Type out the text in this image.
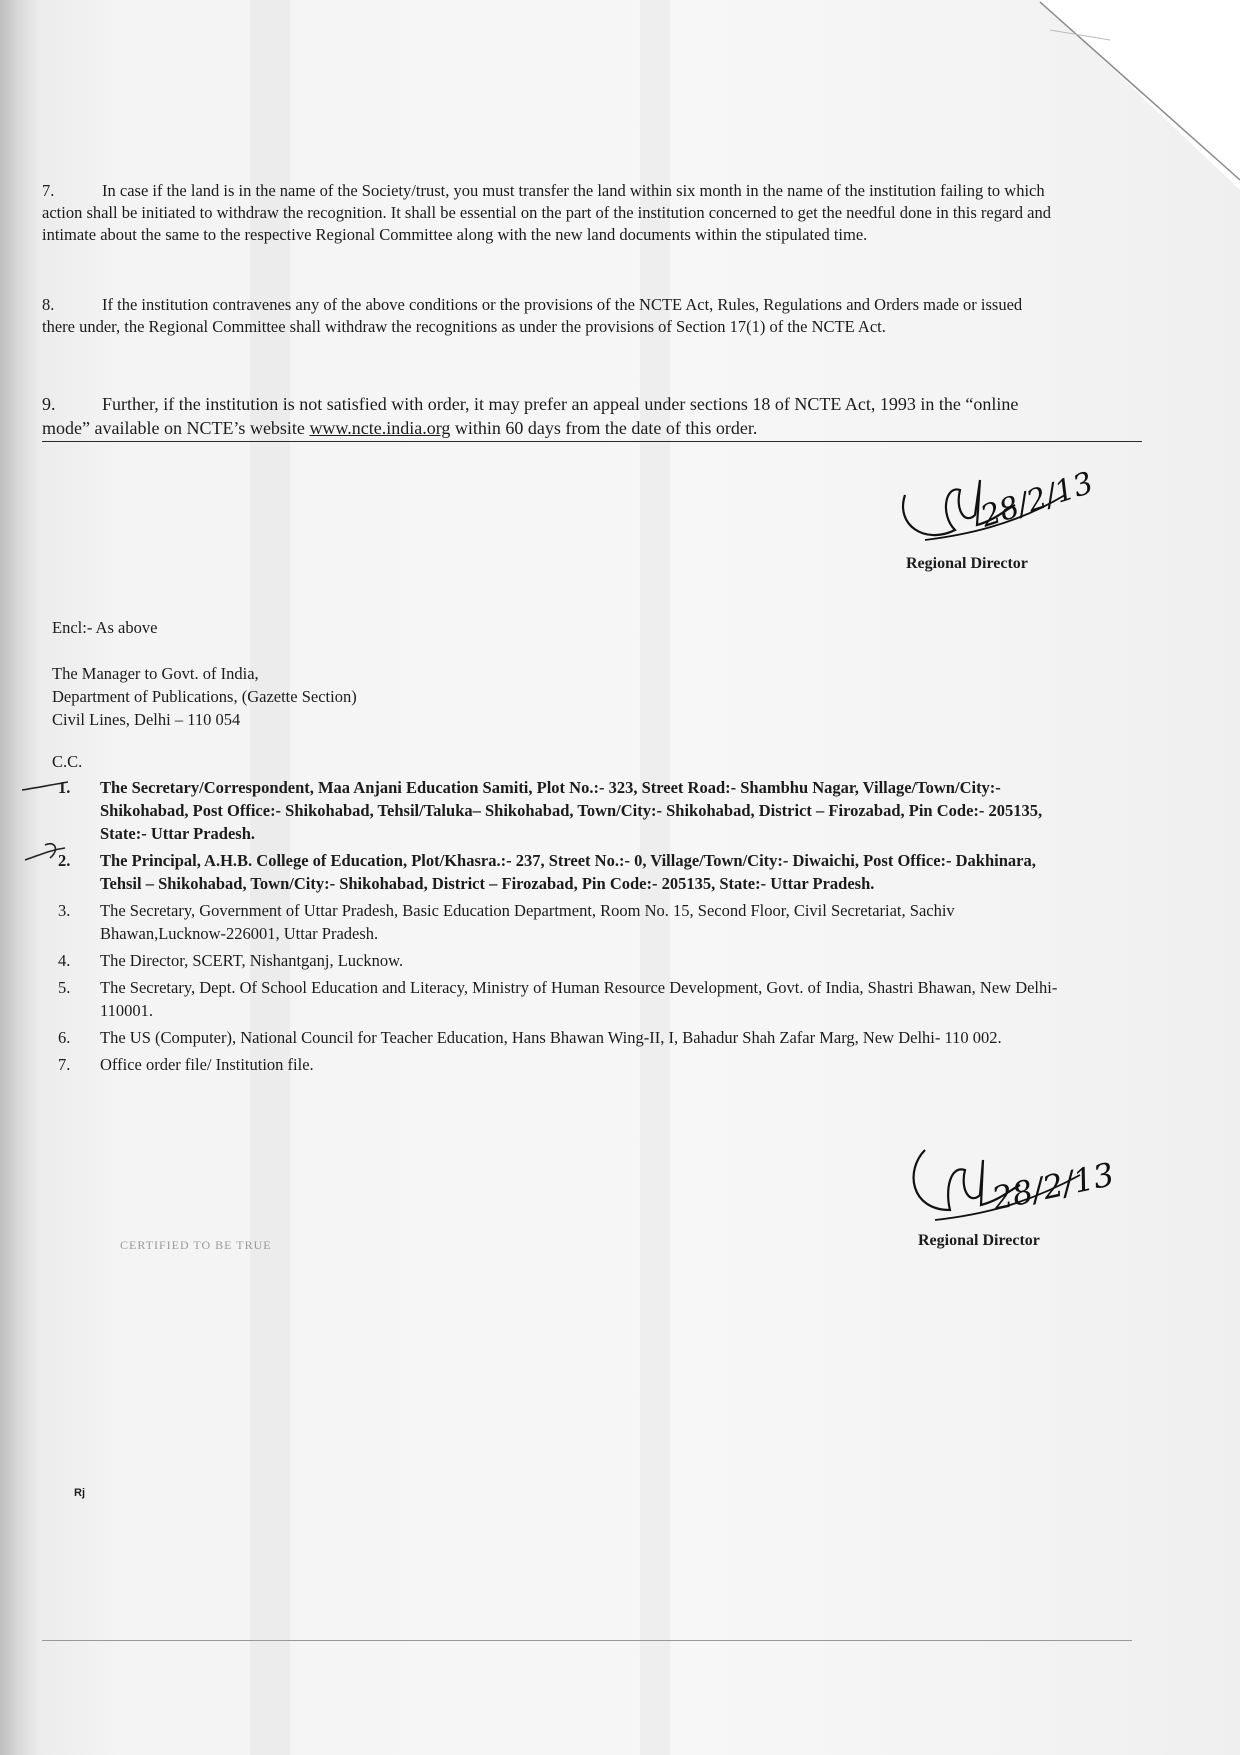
7.	In case if the land is in the name of the Society/trust, you must transfer the land within six month in the name of the institution failing to which action shall be initiated to withdraw the recognition. It shall be essential on the part of the institution concerned to get the needful done in this regard and intimate about the same to the respective Regional Committee along with the new land documents within the stipulated time.
8.	If the institution contravenes any of the above conditions or the provisions of the NCTE Act, Rules, Regulations and Orders made or issued there under, the Regional Committee shall withdraw the recognitions as under the provisions of Section 17(1) of the NCTE Act.
9.	Further, if the institution is not satisfied with order, it may prefer an appeal under sections 18 of NCTE Act, 1993 in the “online mode” available on NCTE’s website www.ncte.india.org within 60 days from the date of this order.
28/2/13
Regional Director
Encl:- As above
The Manager to Govt. of India,
Department of Publications, (Gazette Section)
Civil Lines, Delhi – 110 054
C.C.
1. The Secretary/Correspondent, Maa Anjani Education Samiti, Plot No.:- 323, Street Road:- Shambhu Nagar, Village/Town/City:- Shikohabad, Post Office:- Shikohabad, Tehsil/Taluka– Shikohabad, Town/City:- Shikohabad, District – Firozabad, Pin Code:- 205135, State:- Uttar Pradesh.
2. The Principal, A.H.B. College of Education, Plot/Khasra.:- 237, Street No.:- 0, Village/Town/City:- Diwaichi, Post Office:- Dakhinara, Tehsil – Shikohabad, Town/City:- Shikohabad, District – Firozabad, Pin Code:- 205135, State:- Uttar Pradesh.
3. The Secretary, Government of Uttar Pradesh, Basic Education Department, Room No. 15, Second Floor, Civil Secretariat, Sachiv Bhawan,Lucknow-226001, Uttar Pradesh.
4. The Director, SCERT, Nishantganj, Lucknow.
5. The Secretary, Dept. Of School Education and Literacy, Ministry of Human Resource Development, Govt. of India, Shastri Bhawan, New Delhi- 110001.
6. The US (Computer), National Council for Teacher Education, Hans Bhawan Wing-II, I, Bahadur Shah Zafar Marg, New Delhi- 110 002.
7. Office order file/ Institution file.
CERTIFIED TO BE TRUE
28/2/13
Regional Director
Rj
